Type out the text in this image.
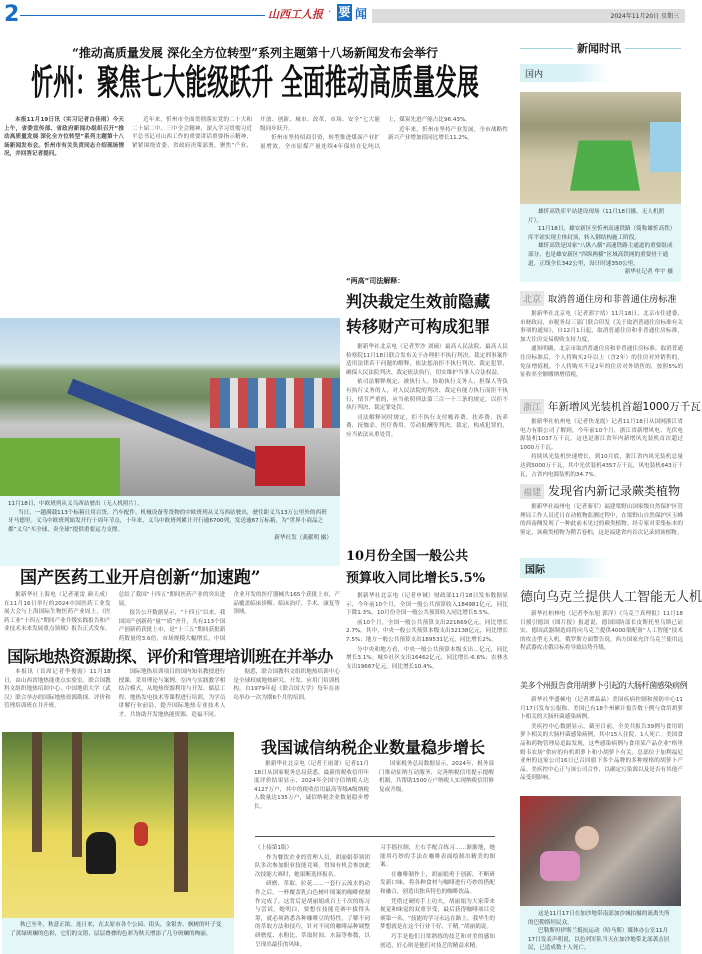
2	山西工人报 · 要 闻	2024年11月20日 星期三
“推动高质量发展 深化全方位转型”系列主题第十八场新闻发布会举行
忻州：聚焦七大能级跃升 全面推动高质量发展

本报11月19日讯（实习记者白佳雨）今天上午，省委宣传部、省政府新闻办组织召开“推动高质量发展 深化全方位转型”系列主题第十八场新闻发布会。忻州市有关负责同志介绍现场情况，并回答记者提问。

近年来，忻州市全面贯彻落实党的二十大和二十届二中、三中全会精神，深入学习贯彻习近平总书记对山西工作的重要讲话重要指示精神，紧紧围绕省委、省政府决策部署，聚焦“产业、开放、创新、城市、改革、市场、安全”七大能级同步跃升。

忻州市坚持招商引资，转型推进煤炭产业扩量增效，全市原煤产量连续4年保持在亿吨以上，煤炭先进产能占比96.43%。

近年来，忻州市坚持产业发展，全市战略性新兴产业增加值同比增长11.2%。

11月18日，中欧班列从义乌西站驶出（无人机照片）。

当日，一趟满载113个标箱日用百货、汽车配件、机械设备等货物的中欧班列从义乌西站驶出，驶往距义乌13万公里外的西班牙马德里。义乌中欧班列始发开行十周年节点，十年来，义乌中欧班列累计开行逾6700列，发送逾67万标箱，为“世界小商品之都”义乌“买全球、卖全球”提供重要运力支撑。

新华社发（龚献明 摄）

“两高”司法解释：
判决裁定生效前隐藏
转移财产可构成犯罪

据新华社北京电（记者罗沙 刘硕）最高人民法院、最高人民检察院11月18日联合发布关于办理拒不执行判决、裁定刑事案件适用法律若干问题的解释，依法惩治拒不执行判决、裁定犯罪，确保人民法院判决、裁定依法执行，切实维护当事人合法权益。

依司法解释规定，被执行人、协助执行义务人、担保人等负有执行义务的人，对人民法院的判决、裁定有能力执行而拒不执行，情节严重的，应当依照刑法第三百一十三条的规定，以拒不执行判决、裁定罪处罚。

司法解释同时规定，拒不执行支付赡养费、扶养费、抚养费、抚恤金、医疗费用、劳动报酬等判决、裁定，构成犯罪的，应当依法从重处罚。

10月份全国一般公共
预算收入同比增长5.5%

据新华社北京电（记者申铖）财政部11月18日发布数据显示，今年前10个月，全国一般公共预算收入184981亿元，同比下降1.3%。10月份全国一般公共预算收入同比增长5.5%。

前10个月，全国一般公共预算支出221669亿元，同比增长2.7%。其中，中央一般公共预算本级支出32138亿元，同比增长7.5%；地方一般公共预算支出189531亿元，同比增长2%。

分中央和地方看，中央一般公共预算本级支出…亿元，同比增长3.1%；城乡社区支出16462亿元，同比增长-6.6%；农林水支出19667亿元，同比增长10.4%。

国产医药工业开启创新“加速跑”

据新华社上海电（记者董雷 颜天成）在11月16日举行的2024中国医药工业发展大会与上海国际生物医药产业周上，《医药工业“十四五”期间产业升级实践报告和产业技术未来发展重点领域》报告正式发布，总结了我国“十四五”期间医药产业的突出进展。

报告公开数据显示，“十四五”以来，我国国产创新药“量”“质”齐升，共有113个国产创新药获批上市，是“十三五”期间获批新药数量的3.6倍，市场规模大幅增长，中国企业开发的医疗器械共165个获批上市，产品覆盖临床诊断、临床治疗、手术、康复等领域。

国际地热资源勘探、评价和管理培训班在并举办

本报讯（首席记者李俊霞）11月18日，由山西省地热能重点实验室、联合国教科文组织地热培训中心、中国地质大学（武汉）联合举办的国际地热资源勘探、评价和管理培训班在并开班。

国际地热培训项目的国内知名教授进行授课，采用理论与案例、室内与实践教学相结合模式，从地热资源利用与开发、储层工程、地热发电技术等课程进行培训，为学员讲解行业前沿，提升国际地热专业技术人才、共协助开发地热能资源、造福不同。

据悉，联合国教科文组织地热培训中心是全球权威地热研究、开发、应用门培训机构。自1979年起《联合国大学》每年在冰岛举办一次为期6个月的培训。

秋已至冬，秋意正浓。连日来，在太原市各个公园、街头，金银杏、枫树的叶子变了黄绿斑斓的色彩，它们的交错、层层叠叠的色彩为秋天增添了几分斑斓的绚丽。

我国诚信纳税企业数量稳步增长

据新华社北京电（记者王雨萧）记者11月18日从国家税务总局获悉，最新的税收信用年度评价结果显示，2024年全国守信纳税人达4127万户，其中的税收信用最高等级A级纳税人数量达135万户，诚信纳税企业数量稳步增长。

国家税务总局数据显示，2024年，税务部门推动征纳互动服务，完善纳税信用提示提醒机制，共帮助1500万户纳税人实现纳税信用修复或升级。

（上接第1版）

作为餐饮企业的管理人员，胡丽娟带领团队多次参加职业技能竞赛。得知有机会参加此次技能大赛时，她果断选择报名。

研磨、萃取、拉花……一套行云流水的动作之后，一杯覆盖乳白色树叶图案的咖啡便制作完成了。这背后是胡丽娟成百上千次的练习与尝试，她明白，要想在技能竞赛中拔得头筹，就必须熟悉各种咖啡豆的特性，了解不同的萃取方法和技巧，针对不同的咖啡品种调整研磨度、水粉比、萃取时间、水温等参数，以呈现出最佳的风味。

习手摇拉制，左右手配合练习……渐渐地，她能用巧妙的手法在咖啡表面绘制出精美的图案。

在咖啡制作上，胡丽娟勇于创新，不断研发新口味，将各种食材与咖啡进行巧妙的搭配和融合，创造出独具特色的咖啡饮品。

凭借过硬的手上功夫，胡丽娟为大家带来视觉和味觉的双重享受，最后获得咖啡项目竞赛第一名。“技能的学习永远在路上，我毕生的梦想就是在这个行业干好、干精。”胡丽娟说。

巧手是他们日常熟练的技艺和对美的感知创造，匠心则是他们对技艺的精益求精。

新闻时讯
国内

雄忻高铁库平站建设现场（11月18日摄，无人机照片）。

11月18日，雄安新区至忻州高速铁路（简称雄忻高铁）库平站实现主体封顶，转入钢结构施工阶段。

雄忻高铁是国家“八纵八横”高速铁路主通道的重要组成部分，也是雄安新区“四纵两横”区域高铁网的重要骨干通道，正线全长342公里，设计时速350公里。

新华社记者 牟宇 摄

北京 取消普通住房和非普通住房标准

据新华社北京电（记者郭宇靖）11月18日，北京市住建委、市财政局、市税务局三部门联合印发《关于取消普通住房标准有关事项的通知》，自12月1日起，取消普通住房和非普通住房标准，加大住房交易税收支持力度。

通知明确，北京市取消普通住房和非普通住房标准。取消普通住房标准后，个人将购买2年以上（含2年）的住房对外销售的，免征增值税。个人将购买不足2年的住房对外销售的，按照5%的征收率全额缴纳增值税。

浙江 年新增风光装机首超1000万千瓦

据新华社杭州电（记者快龙霞）记者11月18日从国网浙江省电力有限公司了解到，今年前10个月，浙江省新增风电、光伏电源装机1037万千瓦，这也是浙江省年内新增风光装机首次超过1000万千瓦。

持续风光装机快速增长，到10月底，浙江省内风光装机总量达到5000万千瓦，其中光伏装机4357万千瓦，风电装机643万千瓦，占省内电源装机的34.7%。

福建 发现省内新记录蕨类植物

据新华社福州电（记者秦军）福建梁野山国家级自然保护区管理局工作人员近日在动植物监测过程中，在梁野山自然保护区玉峰的西南侧发现了一种此前未见过的蕨类植物。经专家对采集标本的鉴定，该蕨类植物为鞘舌卷柏，这是福建省内首次记录到该植物。

国际
德向乌克兰提供人工智能无人机

新华社柏林电（记者李东旭 郭洋）《乌克兰真理报》11月18日援引德国《图片报》报道说，德国国防部长皮斯托里乌斯已证实，德国武器制造商将向乌克兰提供4000架配备“人工智能”技术的攻击型无人机。俄罗斯方面警告说，西方国家允许乌克兰使用远程武器攻击俄目标将导致局势升级。

美多个州报告食用胡萝卜引起的大肠杆菌感染病例

新华社华盛顿电（记者谭晶晶）美国疾病控制和预防中心11月17日发布公报称，美国已有18个州累计报告数十例与食用胡萝卜相关的大肠杆菌感染病例。

美疾控中心数据显示，截至目前，全美共报告39例与食用胡萝卜相关的大肠杆菌感染病例，其中15人住院，1人死亡。美国食品和药物管理局追踪发现，这些感染病例与食用某产品企业“格里姆韦农场”供应的有机胡萝卜和小胡萝卜有关。总部位于加利福尼亚州的这家公司16日已召回旗下多个品牌的多种规格的胡萝卜产品。美疾控中心正与该公司合作，以确定污染源以及是否有其他产品受到影响。

这是11月17日在加沙地带南部加沙城拍摄的流离失所的巴勒斯坦民众。

巴勒斯坦伊斯兰抵抗运动（哈马斯）媒体办公室11月17日发表声明说，以色列军队当天在加沙地带北部袭击居民，已造成数十人死亡。
